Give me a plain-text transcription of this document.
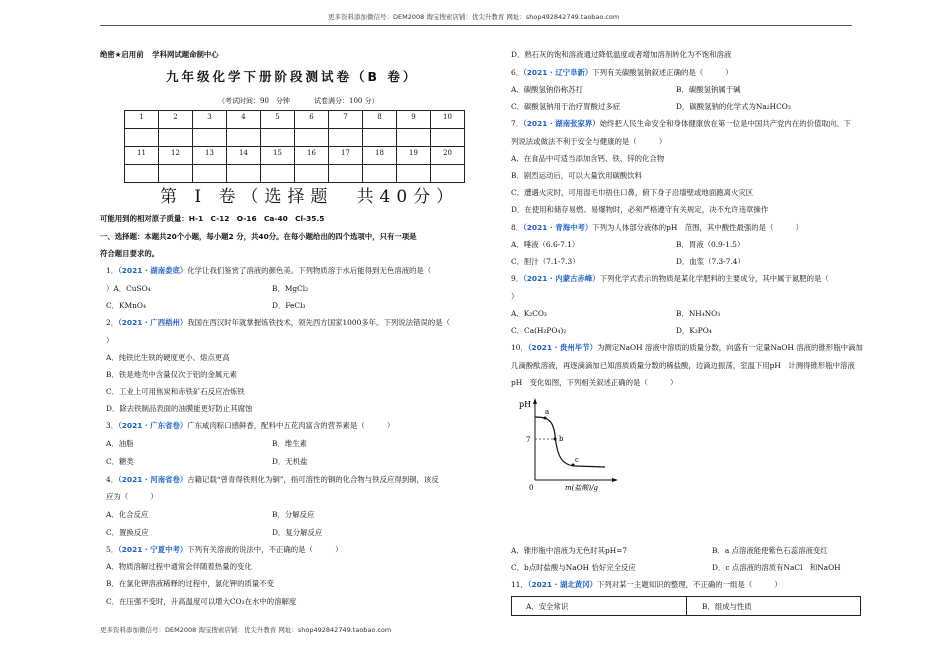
更多资料添加微信号：DEM2008 淘宝搜索店铺：优尖升教育 网址：shop492842749.taobao.com
更多资料添加微信号：DEM2008 淘宝搜索店铺：优尖升教育 网址：shop492842749.taobao.com
绝密★启用前 学科网试题命制中心
九年级化学下册阶段测试卷（B 卷）
（考试时间：90　分钟	试卷满分：100 分）
1	2	3	4	5	6	7	8	9	10

11	12	13	14	15	16	17	18	19	20

第 Ⅰ 卷（选择题　共40分）
可能用到的相对原子质量：H-1　C-12　O-16　Ca-40　Cl-35.5
一、选择题：本题共20个小题，每小题2 分，共40分。在每小题给出的四个选项中，只有一项是
符合题目要求的。
1．（2021 · 湖南娄底）化学让我们鉴赏了溶液的颜色美。下列物质溶于水后能得到无色溶液的是（
）A．CuSO₄	B．MgCl₂
C．KMnO₄	D．FeCl₃
2．（2021 · 广西梧州）我国在西汉时年就掌握炼铁技术，领先西方国家1000多年。下列说法错误的是（
）
A．纯铁比生铁的硬度更小、熔点更高
B．铁是地壳中含量仅次于铝的金属元素
C．工业上可用焦炭和赤铁矿石反应冶炼铁
D．除去铁制品表面的油膜能更好防止其腐蚀
3．（2021 · 广东省卷）广东咸肉粽口感鲜香，配料中五花肉富含的营养素是（　　　）
A．油脂	B．维生素
C．糖类	D．无机盐
4．（2021 · 河南省卷）古籍记载“曾青得铁则化为铜”，指可溶性的铜的化合物与铁反应得到铜，该反
应为（　　　）
A．化合反应	B．分解反应
C．置换反应	D．复分解反应
5．（2021 · 宁夏中考）下列有关溶液的说法中，不正确的是（　　　）
A．物质溶解过程中通常会伴随着热量的变化
B．在氯化钾溶液稀释的过程中，氯化钾的质量不变
C．在压强不变时，升高温度可以增大CO₂在水中的溶解度
D．熟石灰的饱和溶液通过降低温度或者增加溶剂转化为不饱和溶液
6．（2021 · 辽宁阜新）下列有关碳酸氢钠叙述正确的是（　　　）
A．碳酸氢钠俗称苏打	B．碳酸氢钠属于碱
C．碳酸氢钠用于治疗胃酸过多症	D．碳酸氢钠的化学式为Na₂HCO₃
7．（2021 · 湖南张家界）始终把人民生命安全和身体健康放在第一位是中国共产党内在的价值取向。下
列说法或做法不利于安全与健康的是（　　　）
A．在食品中可适当添加含钙、铁、锌的化合物
B．剧烈运动后，可以大量饮用碳酸饮料
C．遭遇火灾时，可用湿毛巾捂住口鼻，俯下身子沿墙壁或地面跑离火灾区
D．在使用和储存易燃、易爆物时，必须严格遵守有关规定，决不允许违章操作
8．（2021 · 青海中考）下列为人体部分液体的pH　范围，其中酸性最强的是（　　　）
A．唾液（6.6-7.1）	B．胃液（0.9-1.5）
C．胆汁（7.1-7.3）	D．血浆（7.3-7.4）
9．（2021 · 内蒙古赤峰）下列化学式表示的物质是某化学肥料的主要成分，其中属于氮肥的是（
）
A．K₂CO₃	B．NH₄NO₃
C．Ca(H₂PO₄)₂	D．K₃PO₄
10．（2021 · 贵州毕节）为测定NaOH 溶液中溶质的质量分数，向盛有一定量NaOH 溶液的锥形瓶中滴加
几滴酚酞溶液，再逐滴滴加已知溶质质量分数的稀盐酸，边滴边振荡，室温下用pH　计测得锥形瓶中溶液
pH　变化如图，下列相关叙述正确的是（　　　）
pH
7
0	m(盐酸)/g
a
b
c
A．锥形瓶中溶液为无色时其pH=7	B．a 点溶液能使紫色石蕊溶液变红
C．b点时盐酸与NaOH 恰好完全反应	D．c 点溶液的溶质有NaCl　和NaOH
11．（2021 · 湖北黄冈）下列对某一主题知识的整理，不正确的一组是（　　　）
A．安全常识	B．组成与性质
